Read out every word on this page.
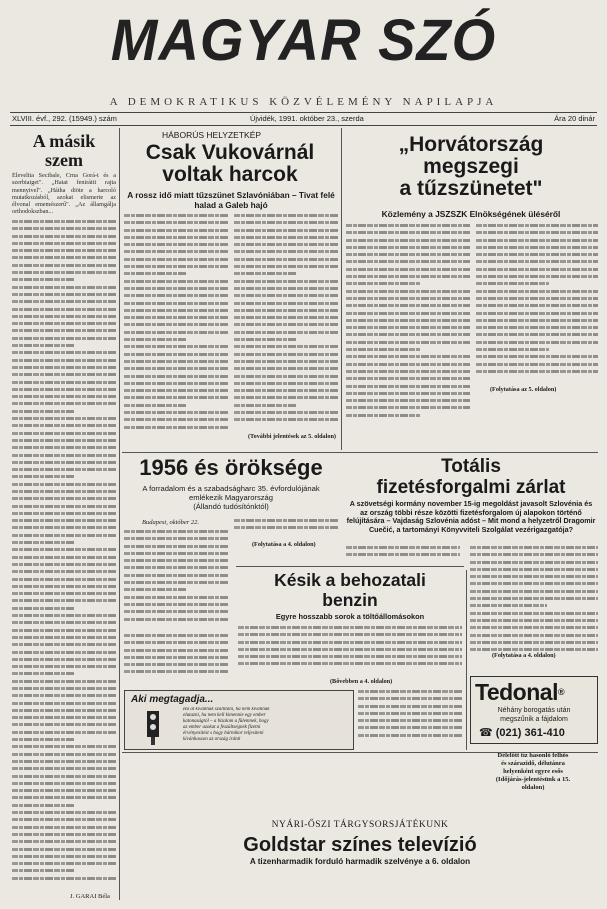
MAGYAR SZÓ
A DEMOKRATIKUS KÖZVÉLEMÉNY NAPILAPJA
XLVIII. évf., 292. (15949.) szám	Újvidék, 1991. október 23., szerda	Ára 20 dinár
A másik
szem
Élevelita Secibale, Crna Gorá-t és a szerbiaiget". „Hatat fenirátit rajta mennyivel". „Hátha diöte a harcoló mutatkozásból, azokat elismerte az élvonal ememészerű". „Az államgálja orthodokszban...
J. GARAI Béla
HÁBORÚS HELYZETKÉP
Csak Vukovárnál
voltak harcok
A rossz idő miatt tűzszünet Szlavóniában – Tivat felé halad a Galeb hajó
(További jelentések az 5. oldalon)
„Horvátország
megszegi
a tűzszünetet"
Közlemény a JSZSZK Elnökségének üléséről
(Folytatása az 5. oldalon)
1956 és öröksége
A forradalom és a szabadságharc 35. évfordulójának
emlékezik Magyarország
(Állandó tudósítónktól)
Budapest, október 22.
(Folytatása a 4. oldalon)
Totális
fizetésforgalmi zárlat
A szövetségi kormány november 15-ig megoldást javasolt Szlovénia és az ország többi része közötti fizetésforgalom új alapokon történő felújítására – Vajdaság Szlovénia adóst – Mit mond a helyzetről Dragomir Cuečić, a tartományi Könyvviteli Szolgálat vezérigazgatója?
(Folytatása a 4. oldalon)
Késik a behozatali
benzin
Egyre hosszabb sorok a töltőállomásokon
(Bővebben a 4. oldalon)
Aki megtagadja...
Ha át kívánnak szállítani, ha nem kívánnak elutazni, ha nem kell kimennie egy ember katonaságtól – a bizalom a fülemnek, hogy az ember azokat a feszültségnek fizetni érvényesítést s hogy bármikor teljesíteni kívánhasson az ország iránti
Tedonal®
Néhány borogatás után
megszűnik a fájdalom
☎ (021) 361-410
Délelőtt tíz hasonló felhős
és szárazidő, délutánra
helyenként egyre esős
(Időjárás-jelentésünk a 15.
oldalon)
NYÁRI-ŐSZI TÁRGYSORSJÁTÉKUNK
Goldstar színes televízió
A tizenharmadik forduló harmadik szelvénye a 6. oldalon
